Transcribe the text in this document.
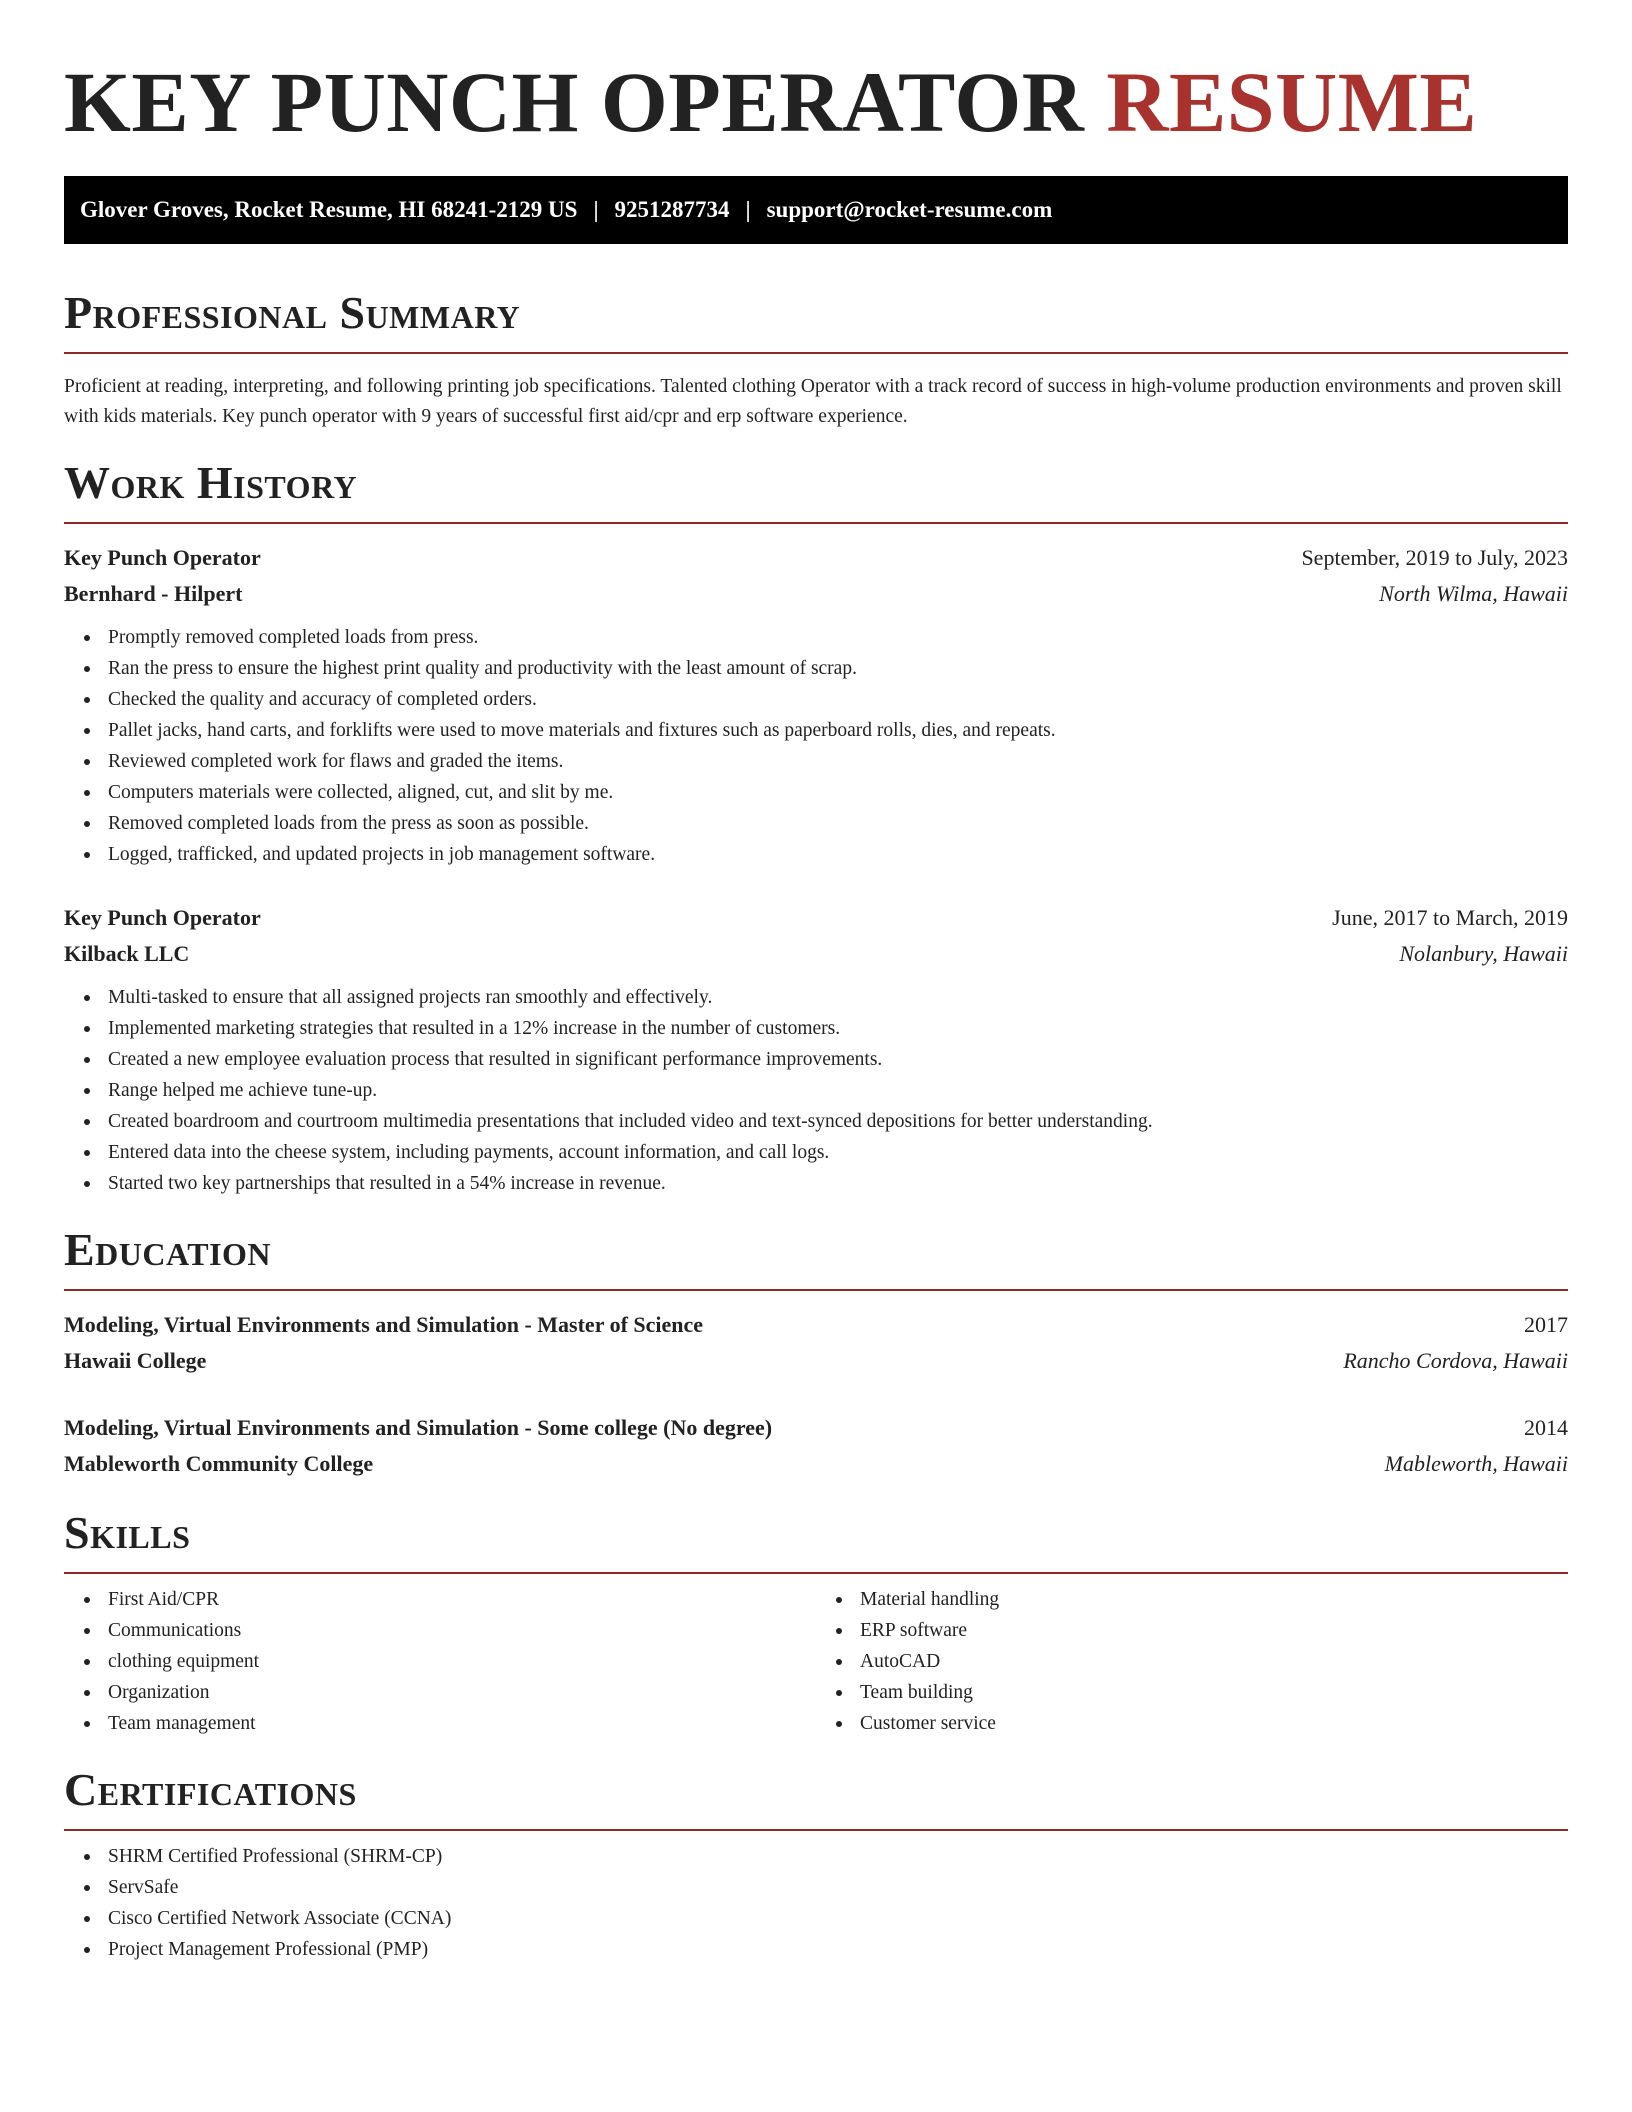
KEY PUNCH OPERATOR RESUME
Glover Groves, Rocket Resume, HI 68241-2129 US | 9251287734 | support@rocket-resume.com
Professional Summary

Proficient at reading, interpreting, and following printing job specifications. Talented clothing Operator with a track record of success in high-volume production environments and proven skill with kids materials. Key punch operator with 9 years of successful first aid/cpr and erp software experience.

Work History
Key Punch Operator	September, 2019 to July, 2023
Bernhard - Hilpert	North Wilma, Hawaii
Promptly removed completed loads from press.
Ran the press to ensure the highest print quality and productivity with the least amount of scrap.
Checked the quality and accuracy of completed orders.
Pallet jacks, hand carts, and forklifts were used to move materials and fixtures such as paperboard rolls, dies, and repeats.
Reviewed completed work for flaws and graded the items.
Computers materials were collected, aligned, cut, and slit by me.
Removed completed loads from the press as soon as possible.
Logged, trafficked, and updated projects in job management software.
Key Punch Operator	June, 2017 to March, 2019
Kilback LLC	Nolanbury, Hawaii
Multi-tasked to ensure that all assigned projects ran smoothly and effectively.
Implemented marketing strategies that resulted in a 12% increase in the number of customers.
Created a new employee evaluation process that resulted in significant performance improvements.
Range helped me achieve tune-up.
Created boardroom and courtroom multimedia presentations that included video and text-synced depositions for better understanding.
Entered data into the cheese system, including payments, account information, and call logs.
Started two key partnerships that resulted in a 54% increase in revenue.
Education
Modeling, Virtual Environments and Simulation - Master of Science	2017
Hawaii College	Rancho Cordova, Hawaii
Modeling, Virtual Environments and Simulation - Some college (No degree)	2014
Mableworth Community College	Mableworth, Hawaii
Skills
First Aid/CPR
Communications
clothing equipment
Organization
Team management
Material handling
ERP software
AutoCAD
Team building
Customer service
Certifications
SHRM Certified Professional (SHRM-CP)
ServSafe
Cisco Certified Network Associate (CCNA)
Project Management Professional (PMP)
